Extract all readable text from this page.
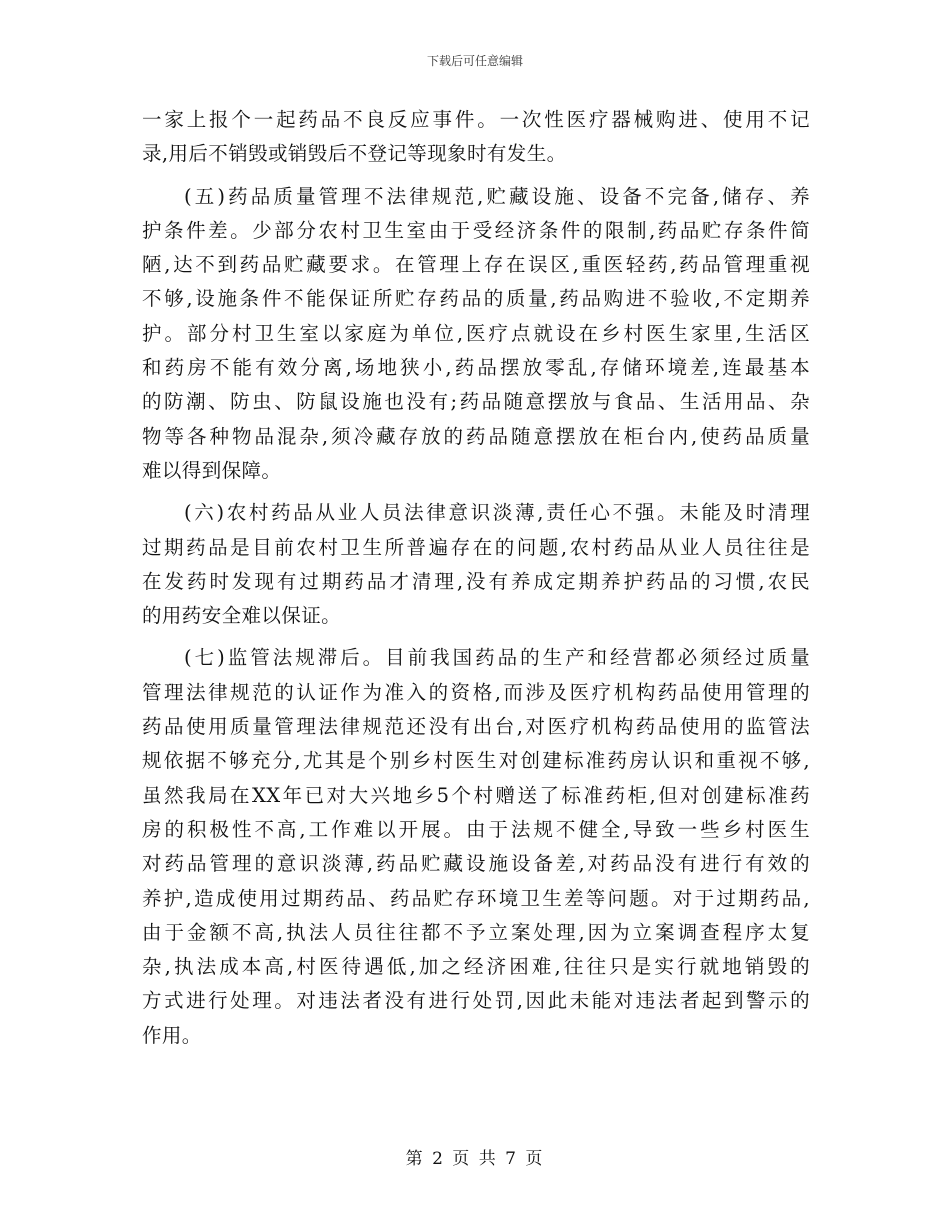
下载后可任意编辑
一家上报个一起药品不良反应事件。一次性医疗器械购进、使用不记
录,用后不销毁或销毁后不登记等现象时有发生。
(五)药品质量管理不法律规范,贮藏设施、设备不完备,储存、养
护条件差。少部分农村卫生室由于受经济条件的限制,药品贮存条件简
陋,达不到药品贮藏要求。在管理上存在误区,重医轻药,药品管理重视
不够,设施条件不能保证所贮存药品的质量,药品购进不验收,不定期养
护。部分村卫生室以家庭为单位,医疗点就设在乡村医生家里,生活区
和药房不能有效分离,场地狭小,药品摆放零乱,存储环境差,连最基本
的防潮、防虫、防鼠设施也没有;药品随意摆放与食品、生活用品、杂
物等各种物品混杂,须冷藏存放的药品随意摆放在柜台内,使药品质量
难以得到保障。
(六)农村药品从业人员法律意识淡薄,责任心不强。未能及时清理
过期药品是目前农村卫生所普遍存在的问题,农村药品从业人员往往是
在发药时发现有过期药品才清理,没有养成定期养护药品的习惯,农民
的用药安全难以保证。
(七)监管法规滞后。目前我国药品的生产和经营都必须经过质量
管理法律规范的认证作为准入的资格,而涉及医疗机构药品使用管理的
药品使用质量管理法律规范还没有出台,对医疗机构药品使用的监管法
规依据不够充分,尤其是个别乡村医生对创建标准药房认识和重视不够,
虽然我局在XX年已对大兴地乡5个村赠送了标准药柜,但对创建标准药
房的积极性不高,工作难以开展。由于法规不健全,导致一些乡村医生
对药品管理的意识淡薄,药品贮藏设施设备差,对药品没有进行有效的
养护,造成使用过期药品、药品贮存环境卫生差等问题。对于过期药品,
由于金额不高,执法人员往往都不予立案处理,因为立案调查程序太复
杂,执法成本高,村医待遇低,加之经济困难,往往只是实行就地销毁的
方式进行处理。对违法者没有进行处罚,因此未能对违法者起到警示的
作用。
第 2 页 共 7 页
